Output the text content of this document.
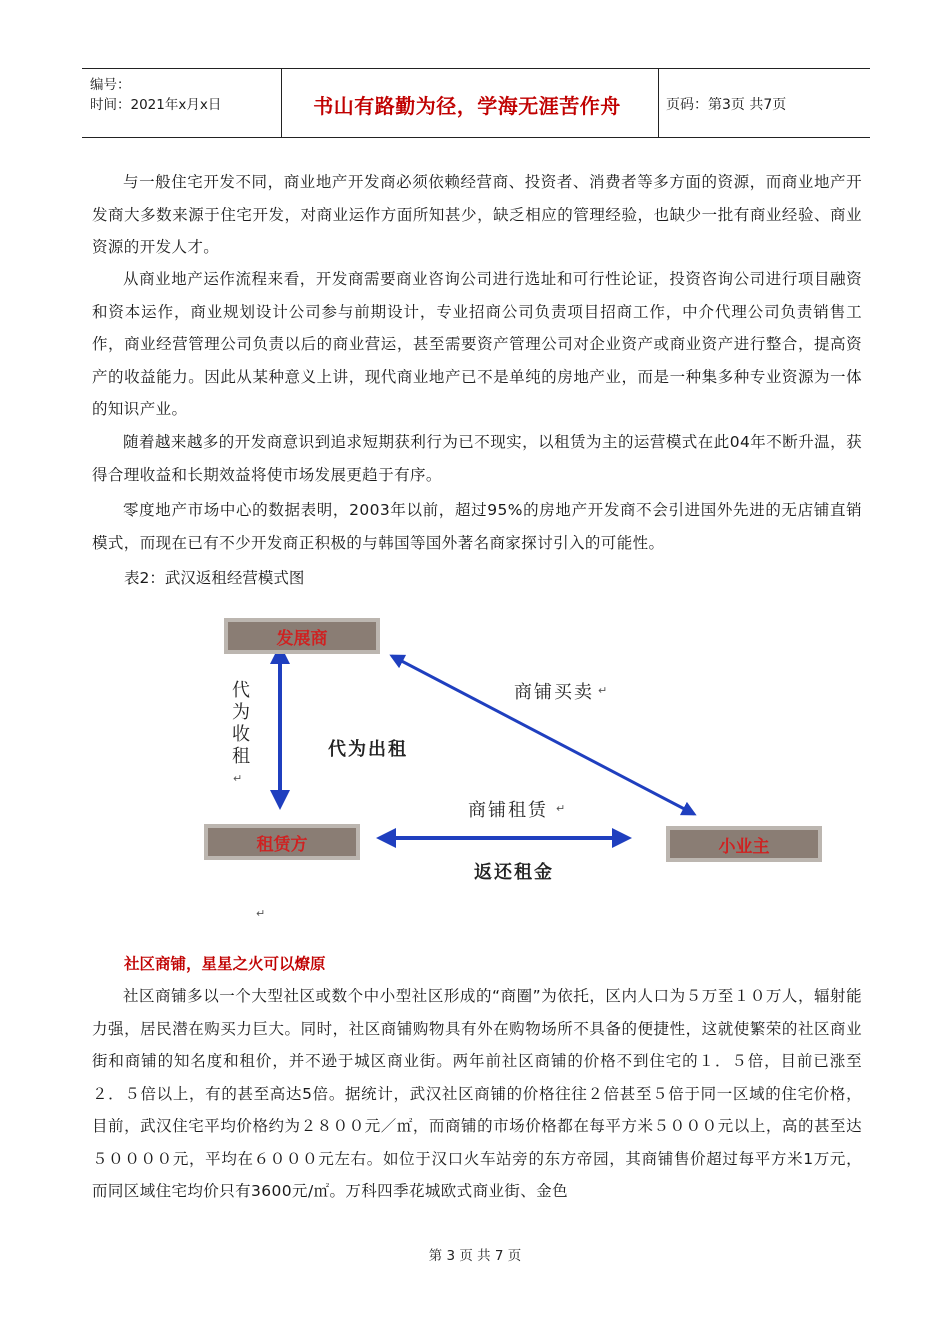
编号：
时间：2021年x月x日	书山有路勤为径，学海无涯苦作舟	页码：第3页 共7页
与一般住宅开发不同，商业地产开发商必须依赖经营商、投资者、消费者等多方面的资源，而商业地产开发商大多数来源于住宅开发，对商业运作方面所知甚少，缺乏相应的管理经验，也缺少一批有商业经验、商业资源的开发人才。
从商业地产运作流程来看，开发商需要商业咨询公司进行选址和可行性论证，投资咨询公司进行项目融资和资本运作，商业规划设计公司参与前期设计，专业招商公司负责项目招商工作，中介代理公司负责销售工作，商业经营管理公司负责以后的商业营运，甚至需要资产管理公司对企业资产或商业资产进行整合，提高资产的收益能力。因此从某种意义上讲，现代商业地产已不是单纯的房地产业，而是一种集多种专业资源为一体的知识产业。
随着越来越多的开发商意识到追求短期获利行为已不现实，以租赁为主的运营模式在此04年不断升温，获得合理收益和长期效益将使市场发展更趋于有序。
零度地产市场中心的数据表明，2003年以前，超过95%的房地产开发商不会引进国外先进的无店铺直销模式，而现在已有不少开发商正积极的与韩国等国外著名商家探讨引入的可能性。
表2：武汉返租经营模式图
发展商
租赁方	小业主
代为收租
↵
代为出租
商铺买卖 ↵
商铺租赁 ↵
返还租金
↵
社区商铺，星星之火可以燎原
社区商铺多以一个大型社区或数个中小型社区形成的“商圈”为依托，区内人口为５万至１０万人，辐射能力强，居民潜在购买力巨大。同时，社区商铺购物具有外在购物场所不具备的便捷性，这就使繁荣的社区商业街和商铺的知名度和租价，并不逊于城区商业街。两年前社区商铺的价格不到住宅的１．５倍，目前已涨至２．５倍以上，有的甚至高达5倍。据统计，武汉社区商铺的价格往往２倍甚至５倍于同一区域的住宅价格，目前，武汉住宅平均价格约为２８００元／㎡，而商铺的市场价格都在每平方米５０００元以上，高的甚至达５００００元，平均在６０００元左右。如位于汉口火车站旁的东方帝园，其商铺售价超过每平方米1万元，而同区域住宅均价只有3600元/㎡。万科四季花城欧式商业街、金色
第 3 页 共 7 页
